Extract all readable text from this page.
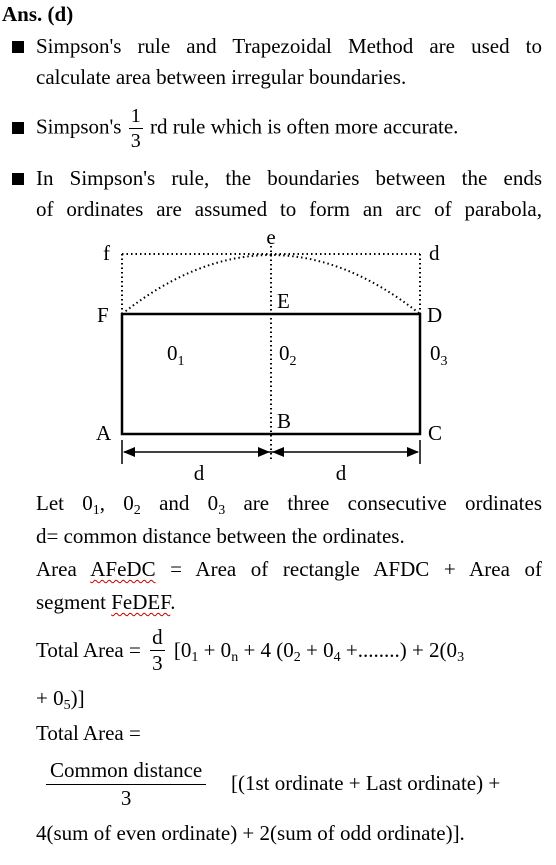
Ans. (d)
Simpson's rule and Trapezoidal Method are used to
calculate area between irregular boundaries.
Simpson's $\frac{1}{3}$ rd rule which is often more accurate.
In Simpson's rule, the boundaries between the ends
of ordinates are assumed to form an arc of parabola,
e
f	d
F
E
D
A	B	C
$0_1$	$0_2$	$0_3$
d	d
Let $0_1$, $0_2$ and $0_3$ are three consecutive ordinates
d= common distance between the ordinates.
Area AFeDC = Area of rectangle AFDC + Area of
segment FeDEF.
Total Area = $\frac{d}{3} [0_1 + 0_n + 4$ ($0_2 + 0_4$ +........) + $2(0_3$
+ $0_5$)]
Total Area =
$\frac{\text{Common distance}}{3} [(1st$ ordinate + Last ordinate) +
4(sum of even ordinate) + 2(sum of odd ordinate)].
